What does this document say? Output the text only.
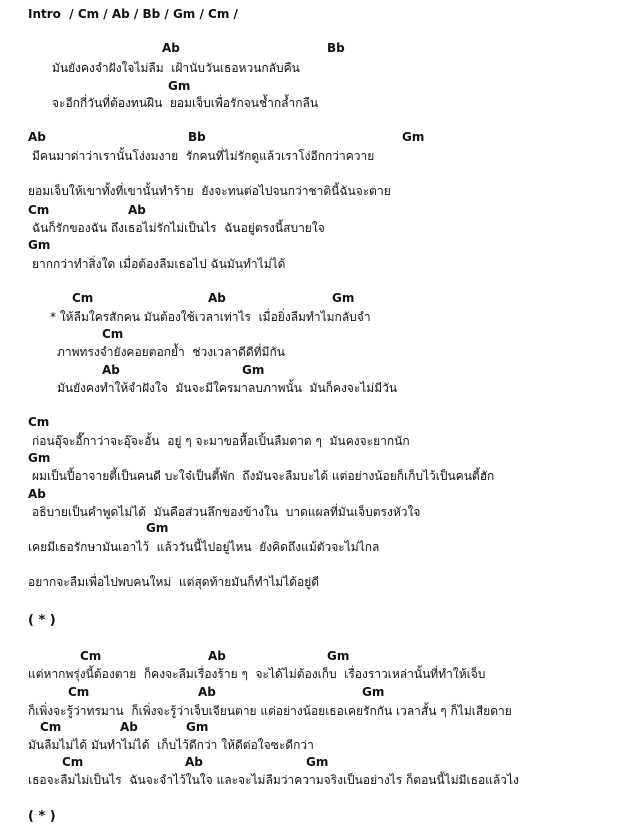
Intro  / Cm / Ab / Bb / Gm / Cm /
Ab	Bb
มันยังคงจำฝังใจไม่ลืม  เฝ้านับวันเธอหวนกลับคืน
Gm
จะอีกกี่วันที่ต้องทนฝืน  ยอมเจ็บเพื่อรักจนช้ำกล้ำกลืน
Ab	Bb	Gm
มีคนมาด่าว่าเรานั้นโง่งมงาย  รักคนที่ไม่รักดูแล้วเราโง่อีกกว่าควาย
ยอมเจ็บให้เขาทั้งที่เขานั้นทำร้าย  ยังจะทนต่อไปจนกว่าชาตินี้ฉันจะตาย
Cm	Ab
ฉันก็รักของฉัน ถึงเธอไม่รักไม่เป็นไร  ฉันอยู่ตรงนี้สบายใจ
Gm
ยากกว่าทำสิ่งใด เมื่อต้องลืมเธอไป ฉันมันทำไม่ได้
Cm	Ab	Gm
* ให้ลืมใครสักคน มันต้องใช้เวลาเท่าไร  เมื่อยิ่งลืมทำไมกลับจำ
Cm
ภาพทรงจำยังคอยตอกย้ำ  ช่วงเวลาดีดีที่มีกัน
Ab	Gm
มันยังคงทำให้จำฝังใจ  มันจะมีใครมาลบภาพนั้น  มันก็คงจะไม่มีวัน
Cm
ก่อนอุ๊จะอี๊กาว่าจะอุ๊จะอั้น  อยู่ ๆ จะมาขอหื้อเปิ้นลืมดาด ๆ  มันคงจะยากนัก
Gm
ผมเป็นปี้อาจายตี้เป็นคนดี บะใจ๋เป็นตี้พัก  ถึงมันจะลืมบะได้ แต่อย่างน้อยก็เก็บไว้เป็นคนตี้ฮัก
Ab
อธิบายเป็นคำพูดไม่ได้  มันคือส่วนลึกของข้างใน  บาดแผลที่มันเจ็บตรงหัวใจ
Gm
เคยมีเธอรักษามันเอาไว้  แล้ววันนี้ไปอยู่ไหน  ยังคิดถึงแม้ตัวจะไม่ไกล
อยากจะลืมเพื่อไปพบคนใหม่  แต่สุดท้ายมันก็ทำไม่ได้อยู่ดี
( * )
Cm	Ab	Gm
แต่หากพรุ่งนี้ต้องตาย  ก็คงจะลืมเรื่องร้าย ๆ  จะได้ไม่ต้องเก็บ  เรื่องราวเหล่านั้นที่ทำให้เจ็บ
Cm	Ab	Gm
ก็เพิ่งจะรู้ว่าทรมาน  ก็เพิ่งจะรู้ว่าเจ็บเจียนตาย แต่อย่างน้อยเธอเคยรักกัน เวลาสั้น ๆ ก็ไม่เสียดาย
Cm	Ab	Gm
มันลืมไม่ได้ มันทำไม่ได้  เก็บไว้ดีกว่า ให้ดีต่อใจซะดีกว่า
Cm	Ab	Gm
เธอจะลืมไม่เป็นไร  ฉันจะจำไว้ในใจ และจะไม่ลืมว่าความจริงเป็นอย่างไร ก็ตอนนี้ไม่มีเธอแล้วไง
( * )
